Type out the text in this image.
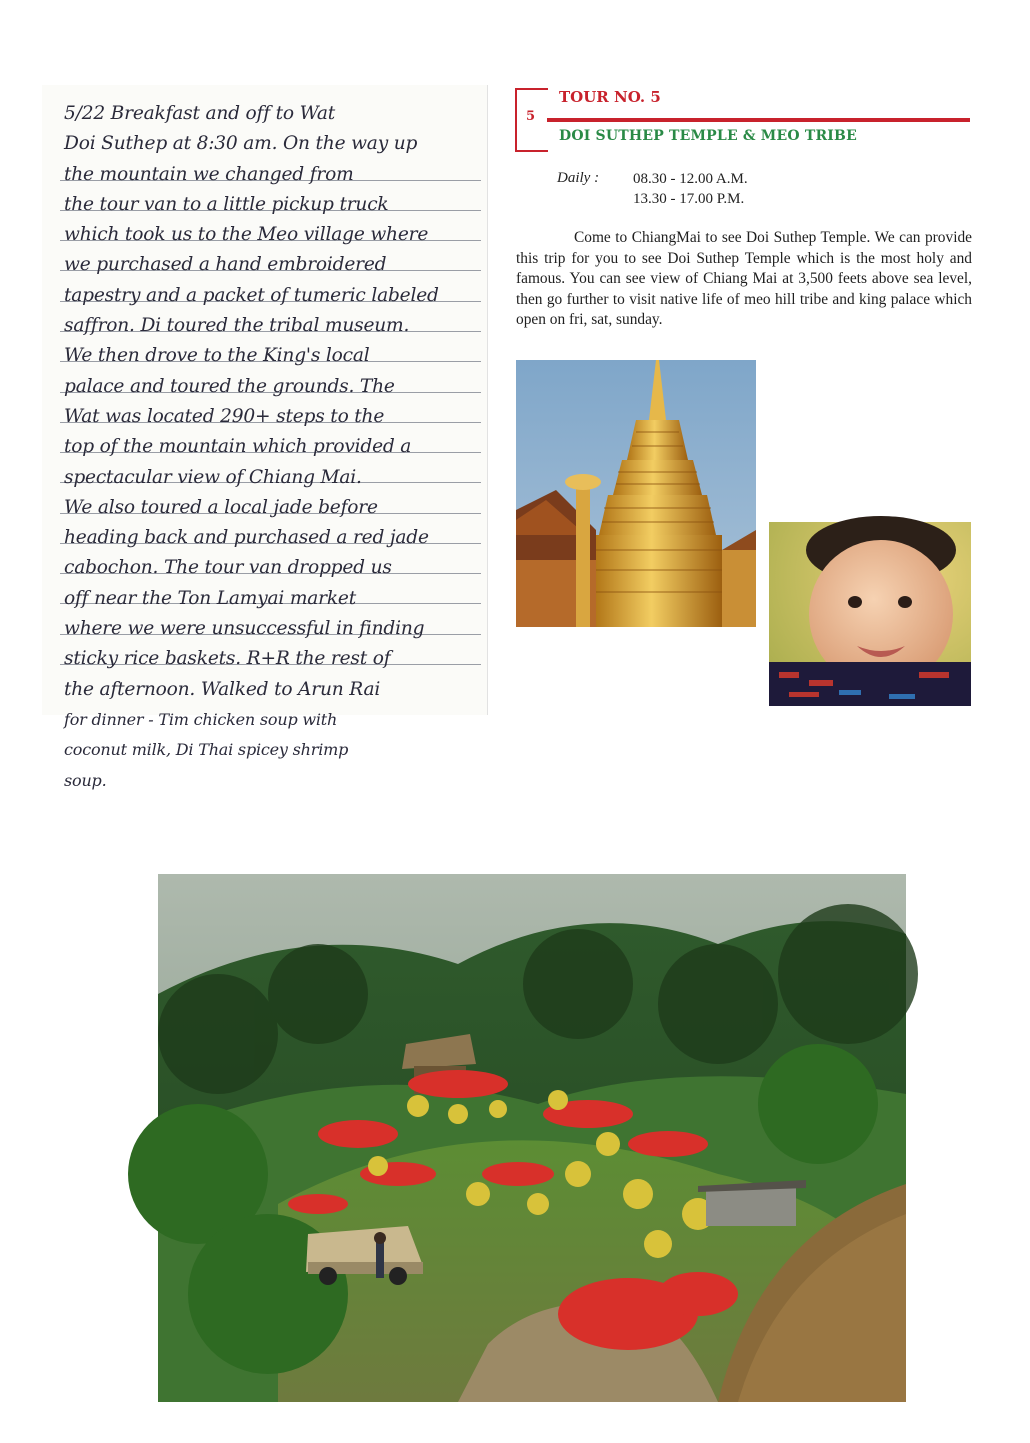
5/22 Breakfast and off to Wat
Doi Suthep at 8:30 am. On the way up
the mountain we changed from
the tour van to a little pickup truck
which took us to the Meo village where
we purchased a hand embroidered
tapestry and a packet of tumeric labeled
saffron. Di toured the tribal museum.
We then drove to the King's local
palace and toured the grounds. The
Wat was located 290+ steps to the
top of the mountain which provided a
spectacular view of Chiang Mai.
We also toured a local jade before
heading back and purchased a red jade
cabochon. The tour van dropped us
off near the Ton Lamyai market
where we were unsuccessful in finding
sticky rice baskets. R+R the rest of
the afternoon. Walked to Arun Rai
for dinner - Tim chicken soup with
coconut milk, Di Thai spicey shrimp
soup.
5
TOUR NO. 5
DOI SUTHEP TEMPLE & MEO TRIBE
Daily : 08.30 - 12.00 A.M.
13.30 - 17.00 P.M.

Come to ChiangMai to see Doi Suthep Temple. We can provide this trip for you to see Doi Suthep Temple which is the most holy and famous. You can see view of Chiang Mai at 3,500 feets above sea level, then go further to visit native life of meo hill tribe and king palace which open on fri, sat, sunday.
